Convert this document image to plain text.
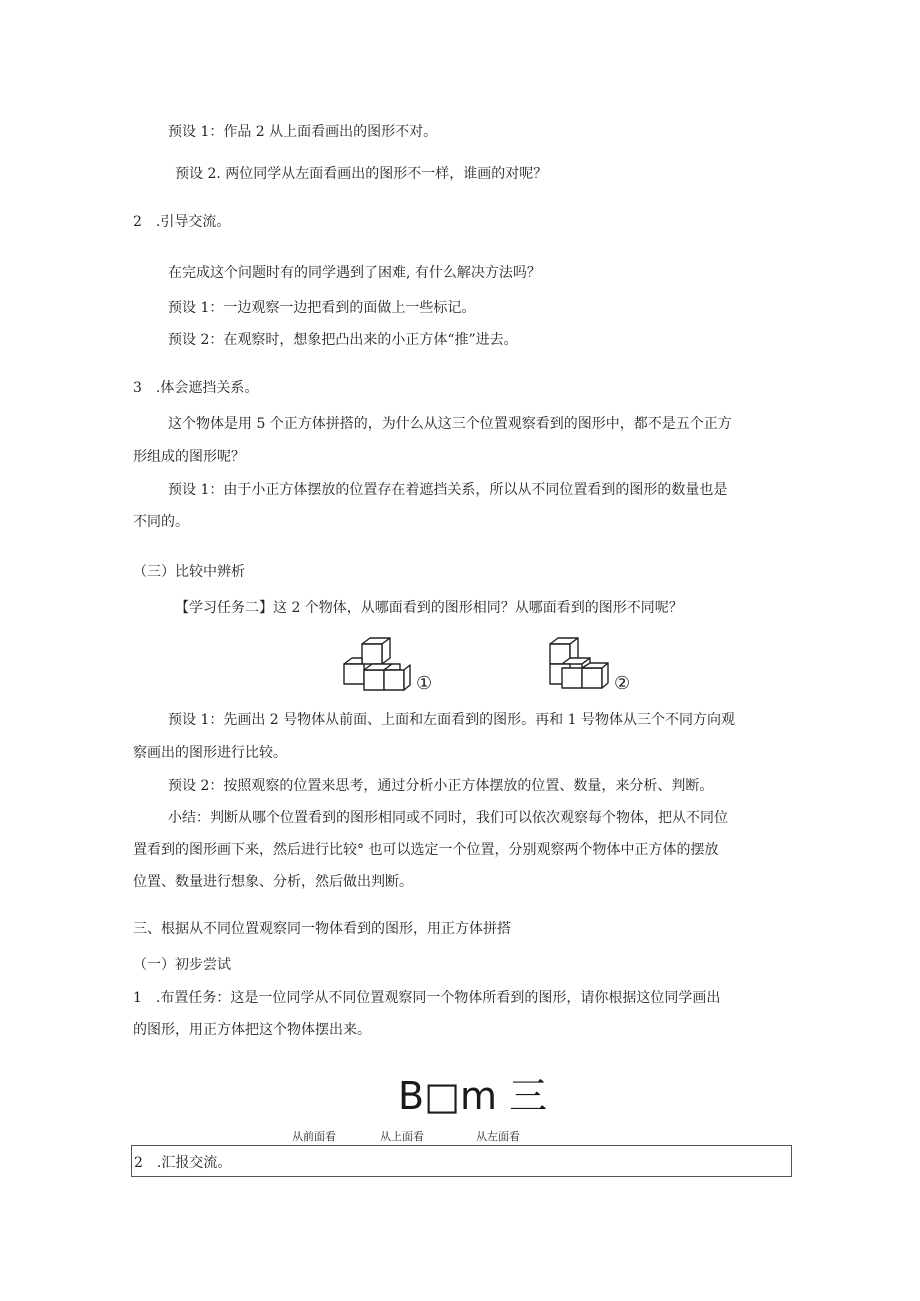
预设 1：作品 2 从上面看画出的图形不对。
预设 2. 两位同学从左面看画出的图形不一样，谁画的对呢？
2　.引导交流。
在完成这个问题时有的同学遇到了困难, 有什么解决方法吗？
预设 1：一边观察一边把看到的面做上一些标记。
预设 2：在观察时，想象把凸出来的小正方体“推”进去。
3　.体会遮挡关系。
这个物体是用 5 个正方体拼搭的，为什么从这三个位置观察看到的图形中，都不是五个正方
形组成的图形呢？
预设 1：由于小正方体摆放的位置存在着遮挡关系，所以从不同位置看到的图形的数量也是
不同的。
（三）比较中辨析
【学习任务二】这 2 个物体，从哪面看到的图形相同？从哪面看到的图形不同呢？
①	②
预设 1：先画出 2 号物体从前面、上面和左面看到的图形。再和 1 号物体从三个不同方向观
察画出的图形进行比较。
预设 2：按照观察的位置来思考，通过分析小正方体摆放的位置、数量，来分析、判断。
小结：判断从哪个位置看到的图形相同或不同时，我们可以依次观察每个物体，把从不同位
置看到的图形画下来，然后进行比较° 也可以选定一个位置，分别观察两个物体中正方体的摆放
位置、数量进行想象、分析，然后做出判断。
三、根据从不同位置观察同一物体看到的图形，用正方体拼搭
（一）初步尝试
1　.布置任务：这是一位同学从不同位置观察同一个物体所看到的图形，请你根据这位同学画出
的图形，用正方体把这个物体摆出来。
B□m 三
从前面看	从上面看	从左面看
2　.汇报交流。
